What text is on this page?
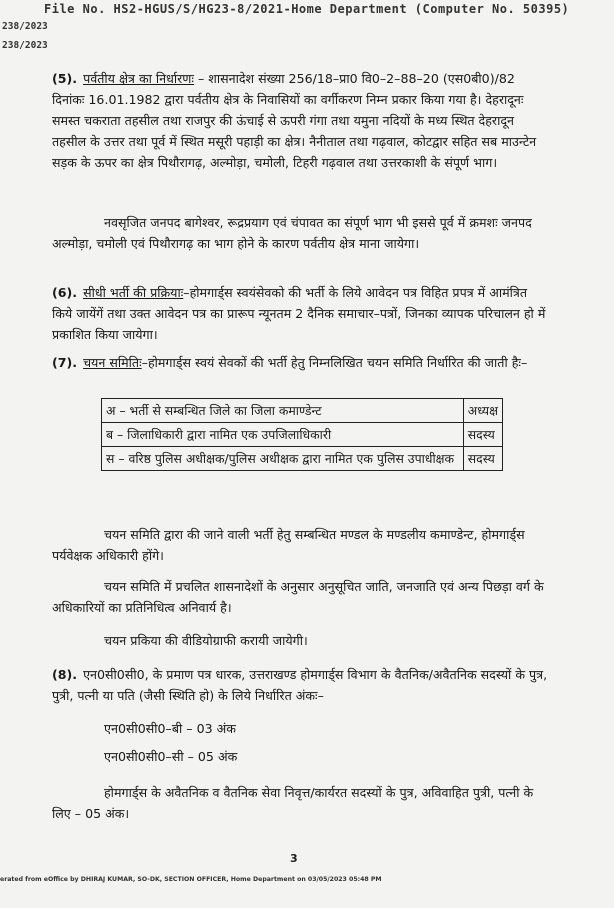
File No. HS2-HGUS/S/HG23-8/2021-Home Department (Computer No. 50395)
238/2023
238/2023

(5). पर्वतीय क्षेत्र का निर्धारणः – शासनादेश संख्या 256/18–प्रा0 वि0–2–88–20 (एस0बी0)/82 दिनांकः 16.01.1982 द्वारा पर्वतीय क्षेत्र के निवासियों का वर्गीकरण निम्न प्रकार किया गया है। देहरादूनः समस्त चकराता तहसील तथा राजपुर की ऊंचाई से ऊपरी गंगा तथा यमुना नदियों के मध्य स्थित देहरादून तहसील के उत्तर तथा पूर्व में स्थित मसूरी पहाड़ी का क्षेत्र। नैनीताल तथा गढ़वाल, कोटद्वार सहित सब माउन्टेन सड़क के ऊपर का क्षेत्र पिथौरागढ़, अल्मोड़ा, चमोली, टिहरी गढ़वाल तथा उत्तरकाशी के संपूर्ण भाग।

नवसृजित जनपद बागेश्वर, रूद्रप्रयाग एवं चंपावत का संपूर्ण भाग भी इससे पूर्व में क्रमशः जनपद अल्मोड़ा, चमोली एवं पिथौरागढ़ का भाग होने के कारण पर्वतीय क्षेत्र माना जायेगा।

(6). सीधी भर्ती की प्रक्रियाः–होमगार्ड्स स्वयंसेवको की भर्ती के लिये आवेदन पत्र विहित प्रपत्र में आमंत्रित किये जायेंगें तथा उक्त आवेदन पत्र का प्रारूप न्यूनतम 2 दैनिक समाचार–पत्रों, जिनका व्यापक परिचालन हो में प्रकाशित किया जायेगा।

(7). चयन समितिः–होमगार्ड्स स्वयं सेवकों की भर्ती हेतु निम्नलिखित चयन समिति निर्धारित की जाती हैः–

अ – भर्ती से सम्बन्धित जिले का जिला कमाण्डेन्ट	अध्यक्ष
ब – जिलाधिकारी द्वारा नामित एक उपजिलाधिकारी	सदस्य
स – वरिष्ठ पुलिस अधीक्षक/पुलिस अधीक्षक द्वारा नामित एक पुलिस उपाधीक्षक	सदस्य

चयन समिति द्वारा की जाने वाली भर्ती हेतु सम्बन्धित मण्डल के मण्डलीय कमाण्डेन्ट, होमगार्ड्स पर्यवेक्षक अधिकारी होंगे।

चयन समिति में प्रचलित शासनादेशों के अनुसार अनुसूचित जाति, जनजाति एवं अन्य पिछड़ा वर्ग के अधिकारियों का प्रतिनिधित्व अनिवार्य है।

चयन प्रकिया की वीडियोग्राफी करायी जायेगी।

(8). एन0सी0सी0, के प्रमाण पत्र धारक, उत्तराखण्ड होमगार्ड्स विभाग के वैतनिक/अवैतनिक सदस्यों के पुत्र, पुत्री, पत्नी या पति (जैसी स्थिति हो) के लिये निर्धारित अंकः–

एन0सी0सी0–बी – 03 अंक

एन0सी0सी0–सी – 05 अंक

होमगार्ड्स के अवैतनिक व वैतनिक सेवा निवृत्त/कार्यरत सदस्यों के पुत्र, अविवाहित पुत्री, पत्नी के लिए – 05 अंक।

3
erated from eOffice by DHIRAJ KUMAR, SO-DK, SECTION OFFICER, Home Department on 03/05/2023 05:48 PM
